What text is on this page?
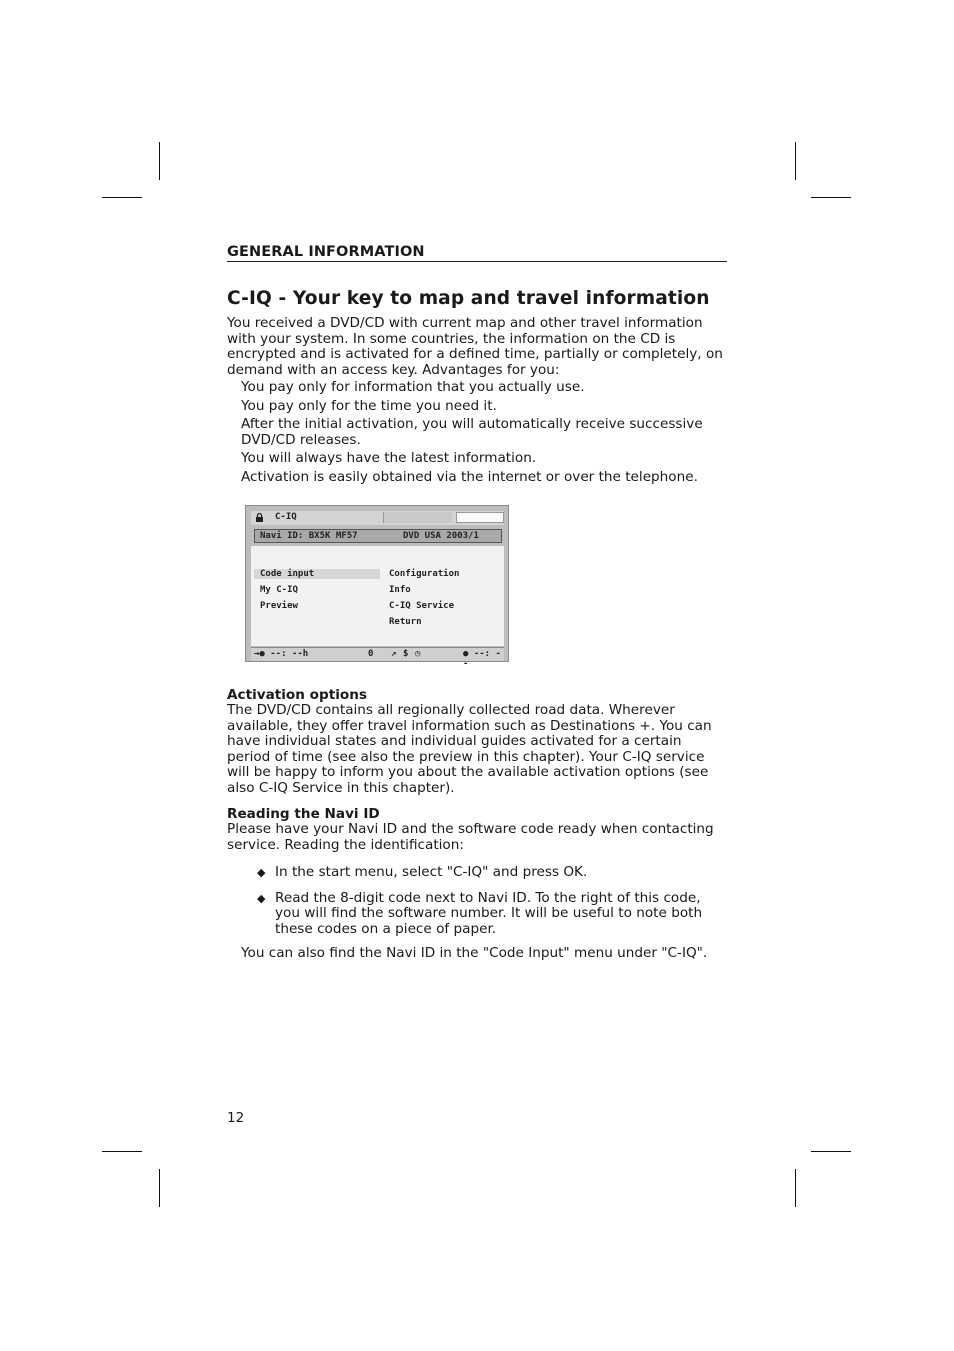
GENERAL INFORMATION
C-IQ - Your key to map and travel information

You received a DVD/CD with current map and other travel information with your system. In some countries, the information on the CD is encrypted and is activated for a defined time, partially or completely, on demand with an access key. Advantages for you:

You pay only for information that you actually use.
You pay only for the time you need it.
After the initial activation, you will automatically receive successive DVD/CD releases.
You will always have the latest information.
Activation is easily obtained via the internet or over the telephone.
C-IQ
Navi ID: BX5K MF57	DVD USA 2003/1
Code input
My C-IQ
Preview
Configuration
Info
C-IQ Service
Return
→● --: --h	0 ↗ $ ◷	● --: --
Activation options

The DVD/CD contains all regionally collected road data. Wherever available, they offer travel information such as Destinations +. You can have individual states and individual guides activated for a certain period of time (see also the preview in this chapter). Your C-IQ service will be happy to inform you about the available activation options (see also C-IQ Service in this chapter).

Reading the Navi ID

Please have your Navi ID and the software code ready when contacting service. Reading the identification:

◆ In the start menu, select "C-IQ" and press OK.
◆ Read the 8-digit code next to Navi ID. To the right of this code, you will find the software number. It will be useful to note both these codes on a piece of paper.

You can also find the Navi ID in the "Code Input" menu under "C-IQ".

12
